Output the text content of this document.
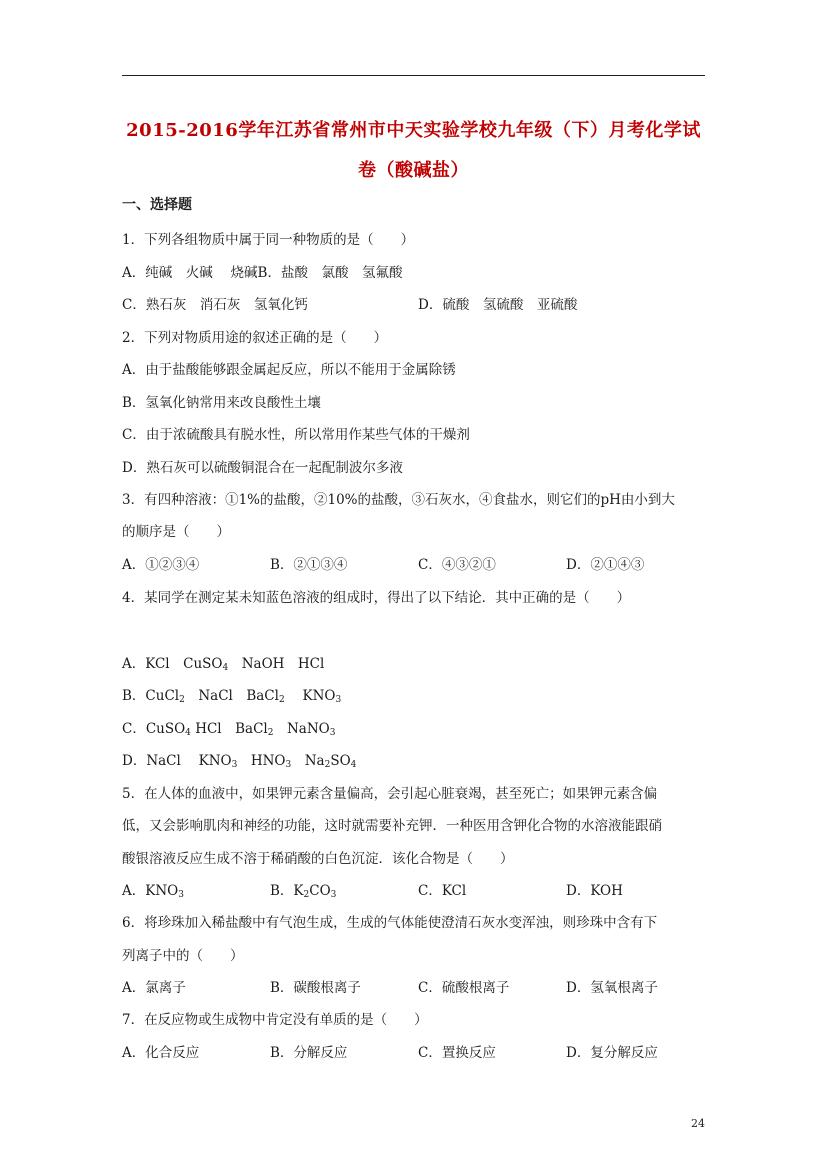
2015-2016学年江苏省常州市中天实验学校九年级（下）月考化学试
卷（酸碱盐）
一、选择题
1．下列各组物质中属于同一种物质的是（　　）
A．纯碱　火碱　 烧碱B．盐酸　氯酸　氢氟酸
C．熟石灰　消石灰　氢氧化钙	D．硫酸　氢硫酸　亚硫酸
2．下列对物质用途的叙述正确的是（　　）
A．由于盐酸能够跟金属起反应，所以不能用于金属除锈
B．氢氧化钠常用来改良酸性土壤
C．由于浓硫酸具有脱水性，所以常用作某些气体的干燥剂
D．熟石灰可以硫酸铜混合在一起配制波尔多液
3．有四种溶液：①1%的盐酸，②10%的盐酸，③石灰水，④食盐水，则它们的pH由小到大
的顺序是（　　）
A．①②③④	B．②①③④	C．④③②①	D．②①④③
4．某同学在测定某未知蓝色溶液的组成时，得出了以下结论．其中正确的是（　　）
A．KCl　CuSO$_4$　NaOH　HCl
B．CuCl$_2$　NaCl　BaCl$_2$　 $KNO_3$
C．CuSO$_4$ HCl　BaCl$_2$　NaNO$_3$
D．NaCl　 $KNO_3$　$HNO_3$　$Na_2SO_4$
5．在人体的血液中，如果钾元素含量偏高，会引起心脏衰竭，甚至死亡；如果钾元素含偏
低，又会影响肌肉和神经的功能，这时就需要补充钾．一种医用含钾化合物的水溶液能跟硝
酸银溶液反应生成不溶于稀硝酸的白色沉淀．该化合物是（　　）
A．$KNO_3$	B．$K_2CO_3$	C．KCl	D．KOH
6．将珍珠加入稀盐酸中有气泡生成，生成的气体能使澄清石灰水变浑浊，则珍珠中含有下
列离子中的（　　）
A．氯离子	B．碳酸根离子	C．硫酸根离子	D．氢氧根离子
7．在反应物或生成物中肯定没有单质的是（　　）
A．化合反应	B．分解反应	C．置换反应	D．复分解反应
24
